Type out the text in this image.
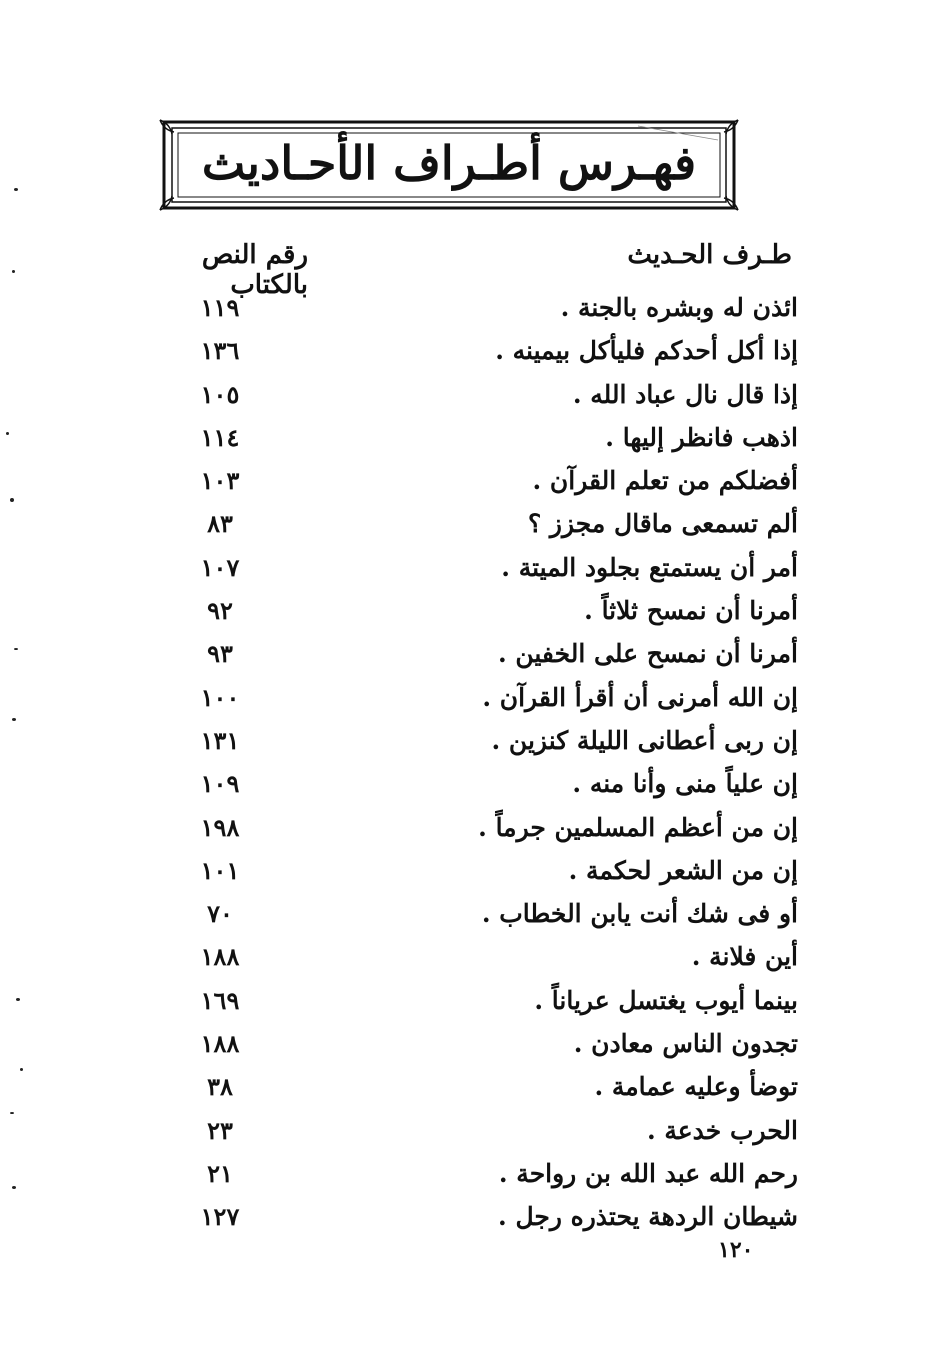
فهـرس أطـراف الأحـاديث
طـرف الحـديث
رقم النص بالكتاب
ائذن له وبشره بالجنة .
١١٩
إذا أكل أحدكم فليأكل بيمينه .
١٣٦
إذا قال نال عباد الله .
١٠٥
اذهب فانظر إليها .
١١٤
أفضلكم من تعلم القرآن .
١٠٣
ألم تسمعى ماقال مجزز ؟
٨٣
أمر أن يستمتع بجلود الميتة .
١٠٧
أمرنا أن نمسح ثلاثاً .
٩٢
أمرنا أن نمسح على الخفين .
٩٣
إن الله أمرنى أن أقرأ القرآن .
١٠٠
إن ربى أعطانى الليلة كنزين .
١٣١
إن علياً منى وأنا منه .
١٠٩
إن من أعظم المسلمين جرماً .
١٩٨
إن من الشعر لحكمة .
١٠١
أو فى شك أنت يابن الخطاب .
٧٠
أين فلانة .
١٨٨
بينما أيوب يغتسل عرياناً .
١٦٩
تجدون الناس معادن .
١٨٨
توضأ وعليه عمامة .
٣٨
الحرب خدعة .
٢٣
رحم الله عبد الله بن رواحة .
٢١
شيطان الردهة يحتذره رجل .
١٢٧
١٢٠
